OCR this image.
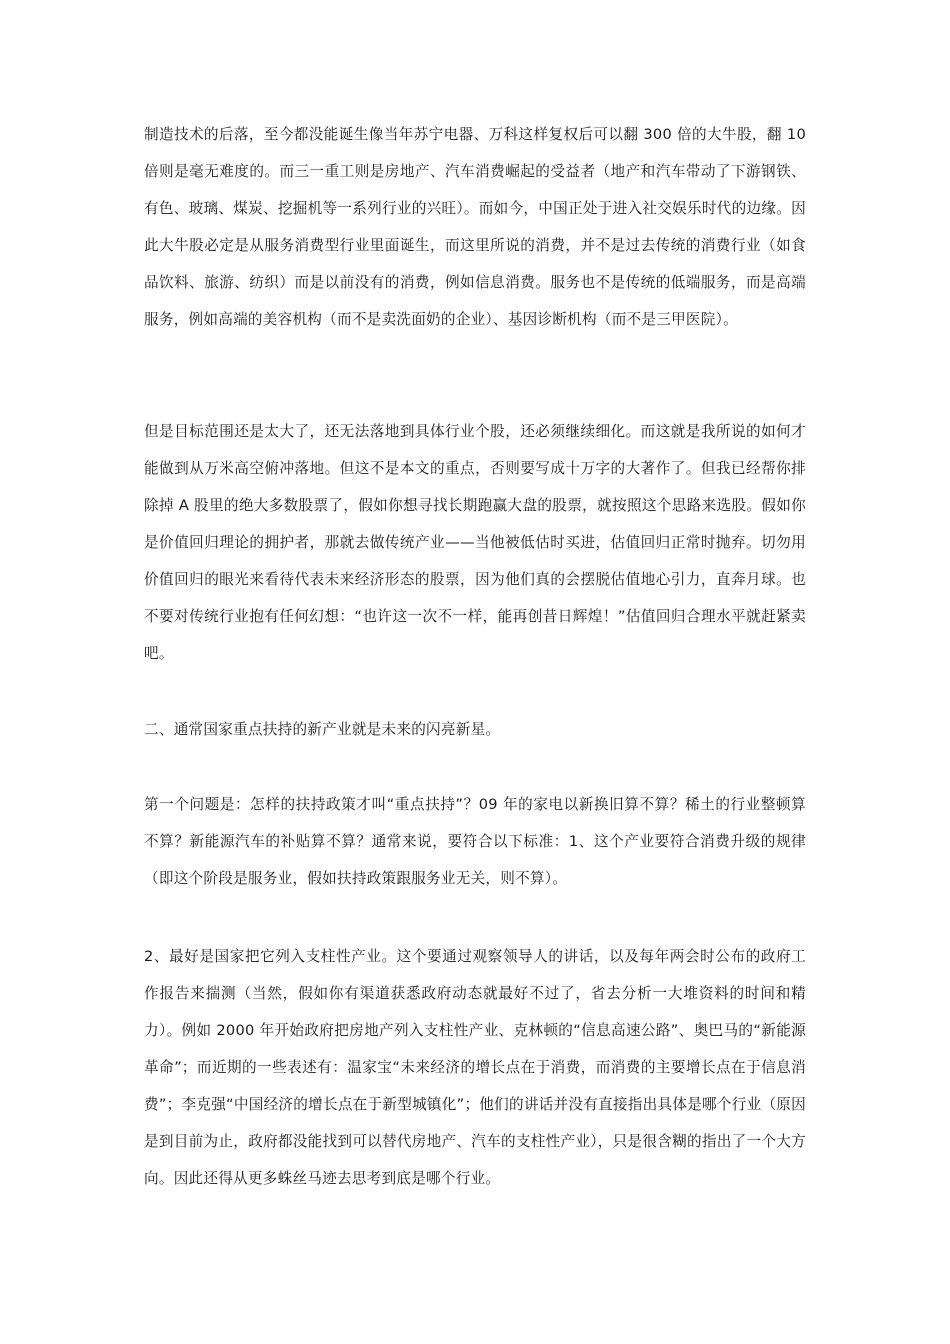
制造技术的后落，至今都没能诞生像当年苏宁电器、万科这样复权后可以翻 300 倍的大牛股，翻 10 倍则是毫无难度的。而三一重工则是房地产、汽车消费崛起的受益者（地产和汽车带动了下游钢铁、有色、玻璃、煤炭、挖掘机等一系列行业的兴旺）。而如今，中国正处于进入社交娱乐时代的边缘。因此大牛股必定是从服务消费型行业里面诞生，而这里所说的消费，并不是过去传统的消费行业（如食品饮料、旅游、纺织）而是以前没有的消费，例如信息消费。服务也不是传统的低端服务，而是高端服务，例如高端的美容机构（而不是卖洗面奶的企业）、基因诊断机构（而不是三甲医院）。

但是目标范围还是太大了，还无法落地到具体行业个股，还必须继续细化。而这就是我所说的如何才能做到从万米高空俯冲落地。但这不是本文的重点，否则要写成十万字的大著作了。但我已经帮你排除掉 A 股里的绝大多数股票了，假如你想寻找长期跑赢大盘的股票，就按照这个思路来选股。假如你是价值回归理论的拥护者，那就去做传统产业——当他被低估时买进，估值回归正常时抛弃。切勿用价值回归的眼光来看待代表未来经济形态的股票，因为他们真的会摆脱估值地心引力，直奔月球。也不要对传统行业抱有任何幻想：“也许这一次不一样，能再创昔日辉煌！”估值回归合理水平就赶紧卖吧。

二、通常国家重点扶持的新产业就是未来的闪亮新星。

第一个问题是：怎样的扶持政策才叫“重点扶持”？09 年的家电以新换旧算不算？稀土的行业整顿算不算？新能源汽车的补贴算不算？通常来说，要符合以下标准：1、这个产业要符合消费升级的规律（即这个阶段是服务业，假如扶持政策跟服务业无关，则不算）。

2、最好是国家把它列入支柱性产业。这个要通过观察领导人的讲话，以及每年两会时公布的政府工作报告来揣测（当然，假如你有渠道获悉政府动态就最好不过了，省去分析一大堆资料的时间和精力）。例如 2000 年开始政府把房地产列入支柱性产业、克林顿的“信息高速公路”、奥巴马的“新能源革命”；而近期的一些表述有：温家宝“未来经济的增长点在于消费，而消费的主要增长点在于信息消费”；李克强“中国经济的增长点在于新型城镇化”；他们的讲话并没有直接指出具体是哪个行业（原因是到目前为止，政府都没能找到可以替代房地产、汽车的支柱性产业），只是很含糊的指出了一个大方向。因此还得从更多蛛丝马迹去思考到底是哪个行业。
